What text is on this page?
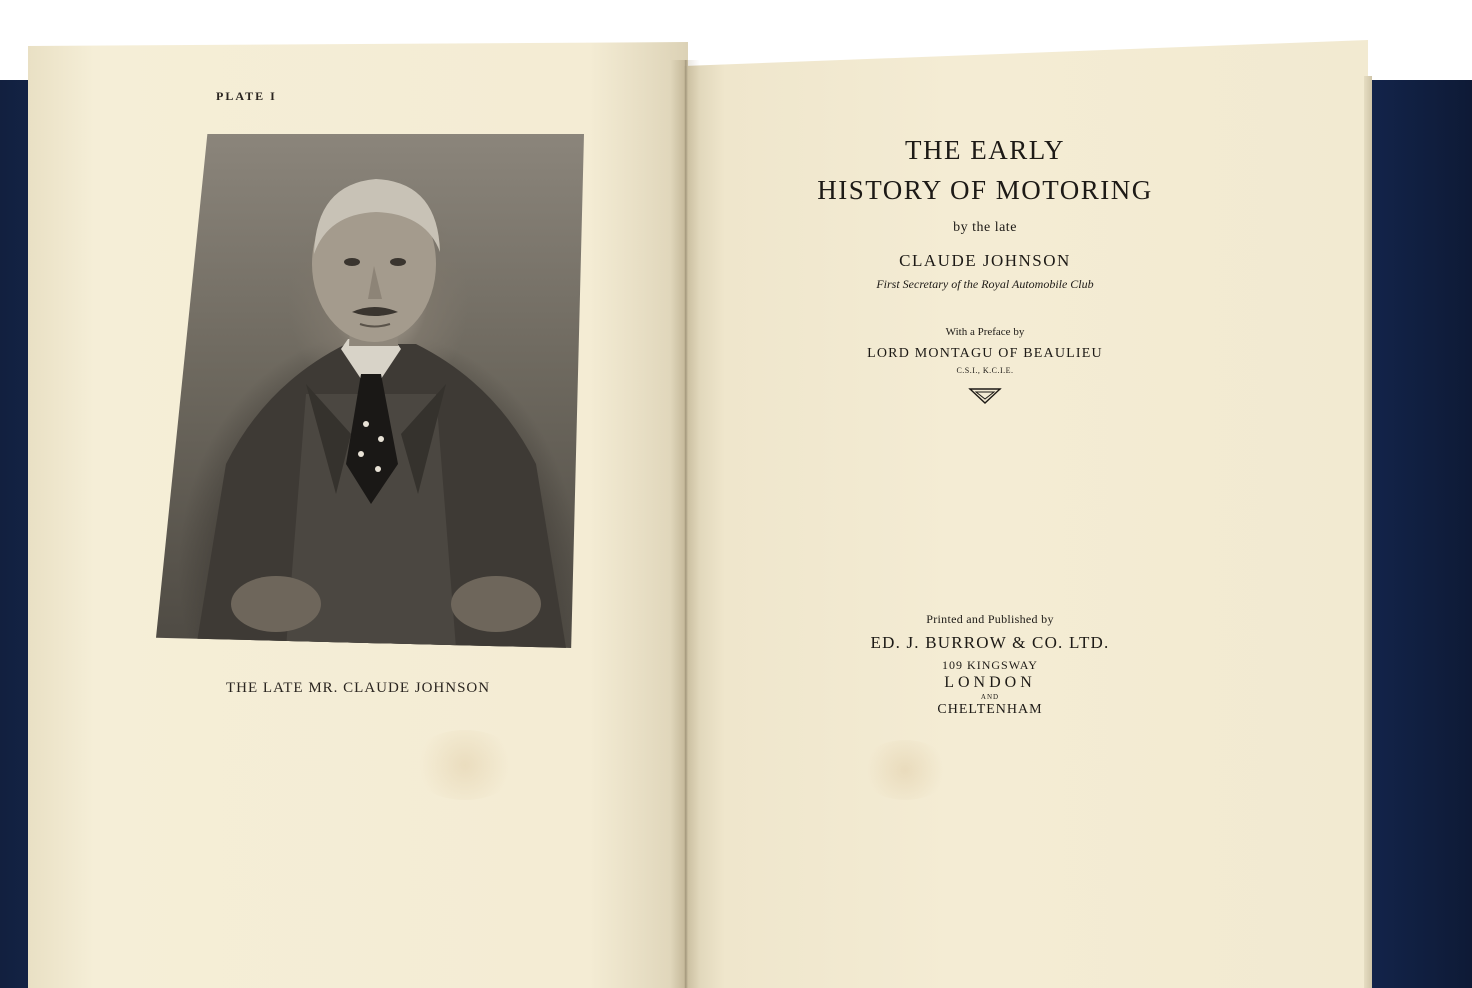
PLATE I
THE LATE MR. CLAUDE JOHNSON
THE EARLY
HISTORY OF MOTORING
by the late
CLAUDE JOHNSON
First Secretary of the Royal Automobile Club
With a Preface by
LORD MONTAGU OF BEAULIEU
C.S.I., K.C.I.E.
Printed and Published by
ED. J. BURROW & CO. LTD.
109 KINGSWAY
LONDON
AND
CHELTENHAM
